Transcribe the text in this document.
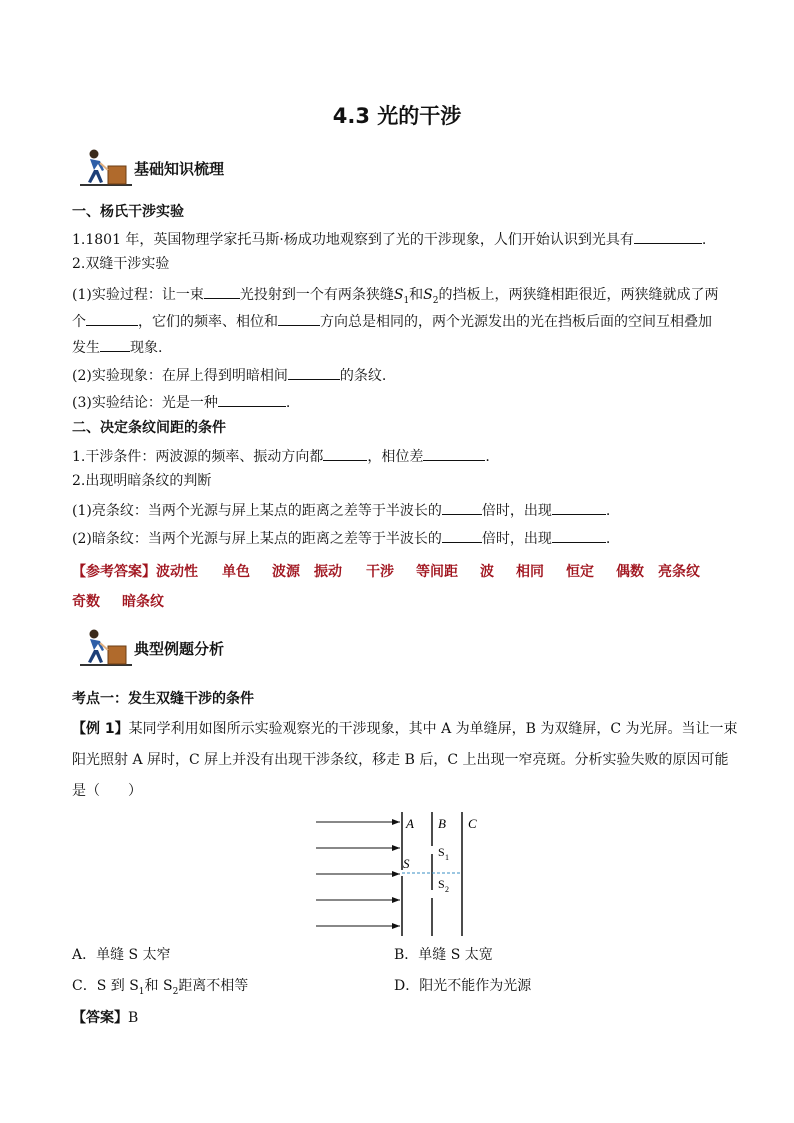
4.3 光的干涉
基础知识梳理
一、杨氏干涉实验
1.1801 年，英国物理学家托马斯·杨成功地观察到了光的干涉现象，人们开始认识到光具有	.
2.双缝干涉实验
(1)实验过程：让一束	光投射到一个有两条狭缝$S_1$和$S_2$的挡板上，两狭缝相距很近，两狭缝就成了两
个	，它们的频率、相位和	方向总是相同的，两个光源发出的光在挡板后面的空间互相叠加
发生 现象.
(2)实验现象：在屏上得到明暗相间	的条纹.
(3)实验结论：光是一种	.
二、决定条纹间距的条件
1.干涉条件：两波源的频率、振动方向都	，相位差	.
2.出现明暗条纹的判断
(1)亮条纹：当两个光源与屏上某点的距离之差等于半波长的	倍时，出现	.
(2)暗条纹：当两个光源与屏上某点的距离之差等于半波长的	倍时，出现	.
【参考答案】波动性 单色 波源 振动 干涉 等间距 波 相同 恒定 偶数 亮条纹
奇数 暗条纹
典型例题分析
考点一：发生双缝干涉的条件
【例 1】某同学利用如图所示实验观察光的干涉现象，其中 A 为单缝屏，B 为双缝屏，C 为光屏。当让一束
阳光照射 A 屏时，C 屏上并没有出现干涉条纹，移走 B 后，C 上出现一窄亮斑。分析实验失败的原因可能
是（　　）
A B C
S
S 1
S 2
A．单缝 S 太窄	B．单缝 S 太宽
C．S 到 $S_1$和 $S_2$距离不相等	D．阳光不能作为光源
【答案】B
